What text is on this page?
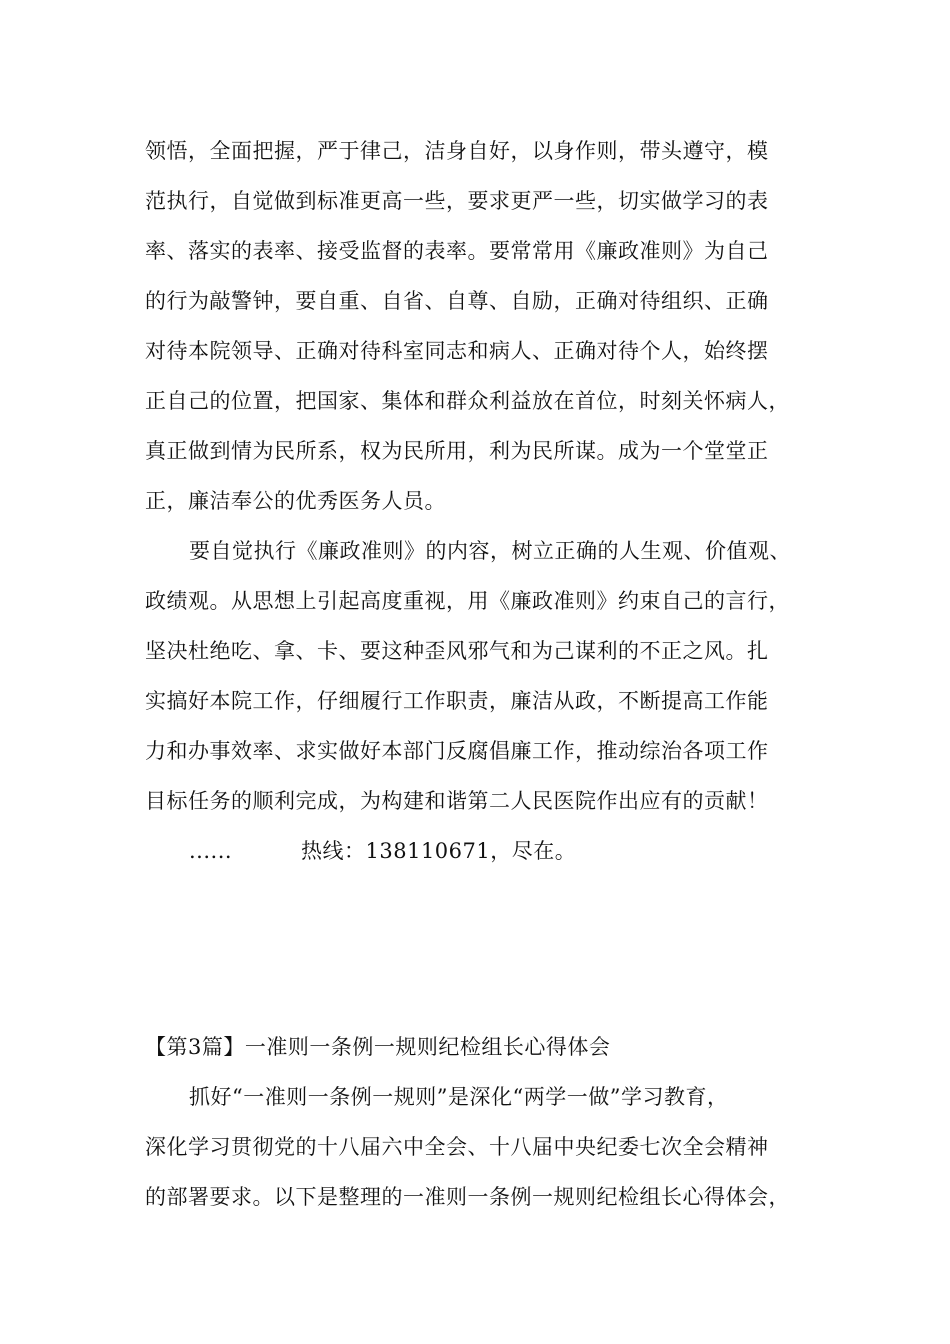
领悟，全面把握，严于律己，洁身自好，以身作则，带头遵守，模
范执行，自觉做到标准更高一些，要求更严一些，切实做学习的表
率、落实的表率、接受监督的表率。要常常用《廉政准则》为自己
的行为敲警钟，要自重、自省、自尊、自励，正确对待组织、正确
对待本院领导、正确对待科室同志和病人、正确对待个人，始终摆
正自己的位置，把国家、集体和群众利益放在首位，时刻关怀病人，
真正做到情为民所系，权为民所用，利为民所谋。成为一个堂堂正
正，廉洁奉公的优秀医务人员。
要自觉执行《廉政准则》的内容，树立正确的人生观、价值观、
政绩观。从思想上引起高度重视，用《廉政准则》约束自己的言行，
坚决杜绝吃、拿、卡、要这种歪风邪气和为己谋利的不正之风。扎
实搞好本院工作，仔细履行工作职责，廉洁从政，不断提高工作能
力和办事效率、求实做好本部门反腐倡廉工作，推动综治各项工作
目标任务的顺利完成，为构建和谐第二人民医院作出应有的贡献！
......	热线：138110671，尽在。
【第3篇】一准则一条例一规则纪检组长心得体会
抓好“一准则一条例一规则”是深化“两学一做”学习教育，
深化学习贯彻党的十八届六中全会、十八届中央纪委七次全会精神
的部署要求。以下是整理的一准则一条例一规则纪检组长心得体会，
